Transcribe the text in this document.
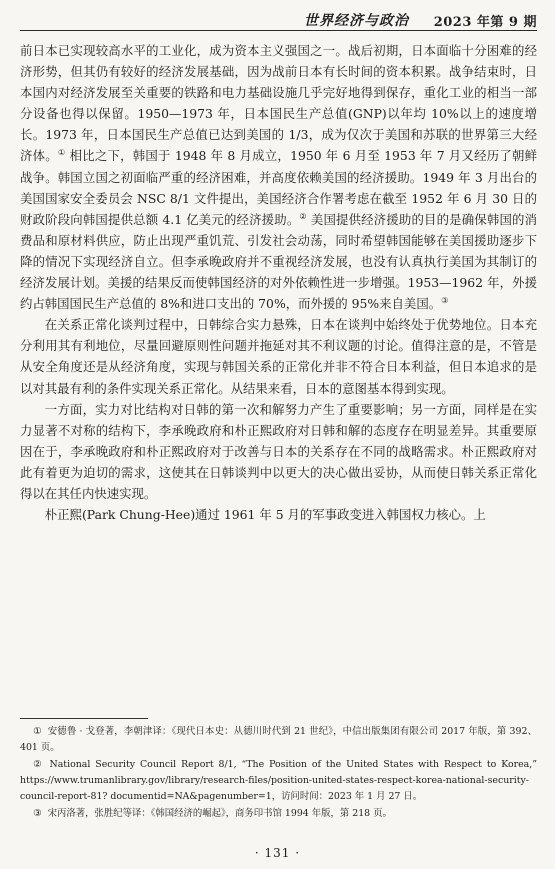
世界经济与政治 2023 年第 9 期

前日本已实现较高水平的工业化，成为资本主义强国之一。战后初期，日本面临十分困难的经济形势，但其仍有较好的经济发展基础，因为战前日本有长时间的资本积累。战争结束时，日本国内对经济发展至关重要的铁路和电力基础设施几乎完好地得到保存，重化工业的相当一部分设备也得以保留。1950—1973 年，日本国民生产总值(GNP)以年均 10%以上的速度增长。1973 年，日本国民生产总值已达到美国的 1/3，成为仅次于美国和苏联的世界第三大经济体。① 相比之下，韩国于 1948 年 8 月成立，1950 年 6 月至 1953 年 7 月又经历了朝鲜战争。韩国立国之初面临严重的经济困难，并高度依赖美国的经济援助。1949 年 3 月出台的美国国家安全委员会 NSC 8/1 文件提出，美国经济合作署考虑在截至 1952 年 6 月 30 日的财政阶段向韩国提供总额 4.1 亿美元的经济援助。② 美国提供经济援助的目的是确保韩国的消费品和原材料供应，防止出现严重饥荒、引发社会动荡，同时希望韩国能够在美国援助逐步下降的情况下实现经济自立。但李承晚政府并不重视经济发展，也没有认真执行美国为其制订的经济发展计划。美援的结果反而使韩国经济的对外依赖性进一步增强。1953—1962 年，外援约占韩国国民生产总值的 8%和进口支出的 70%，而外援的 95%来自美国。③

在关系正常化谈判过程中，日韩综合实力悬殊，日本在谈判中始终处于优势地位。日本充分利用其有利地位，尽量回避原则性问题并拖延对其不利议题的讨论。值得注意的是，不管是从安全角度还是从经济角度，实现与韩国关系的正常化并非不符合日本利益，但日本追求的是以对其最有利的条件实现关系正常化。从结果来看，日本的意图基本得到实现。

一方面，实力对比结构对日韩的第一次和解努力产生了重要影响；另一方面，同样是在实力显著不对称的结构下，李承晚政府和朴正熙政府对日韩和解的态度存在明显差异。其重要原因在于，李承晚政府和朴正熙政府对于改善与日本的关系存在不同的战略需求。朴正熙政府对此有着更为迫切的需求，这使其在日韩谈判中以更大的决心做出妥协，从而使日韩关系正常化得以在其任内快速实现。

朴正熙(Park Chung-Hee)通过 1961 年 5 月的军事政变进入韩国权力核心。上

① 安德鲁 · 戈登著，李朝津译：《现代日本史：从德川时代到 21 世纪》，中信出版集团有限公司 2017 年版，第 392、401 页。

② National Security Council Report 8/1, “The Position of the United States with Respect to Korea,” https://www.trumanlibrary.gov/library/research-files/position-united-states-respect-korea-national-security-council-report-81? documentid=NA&pagenumber=1，访问时间：2023 年 1 月 27 日。

③ 宋丙洛著，张胜纪等译：《韩国经济的崛起》，商务印书馆 1994 年版，第 218 页。

· 131 ·
